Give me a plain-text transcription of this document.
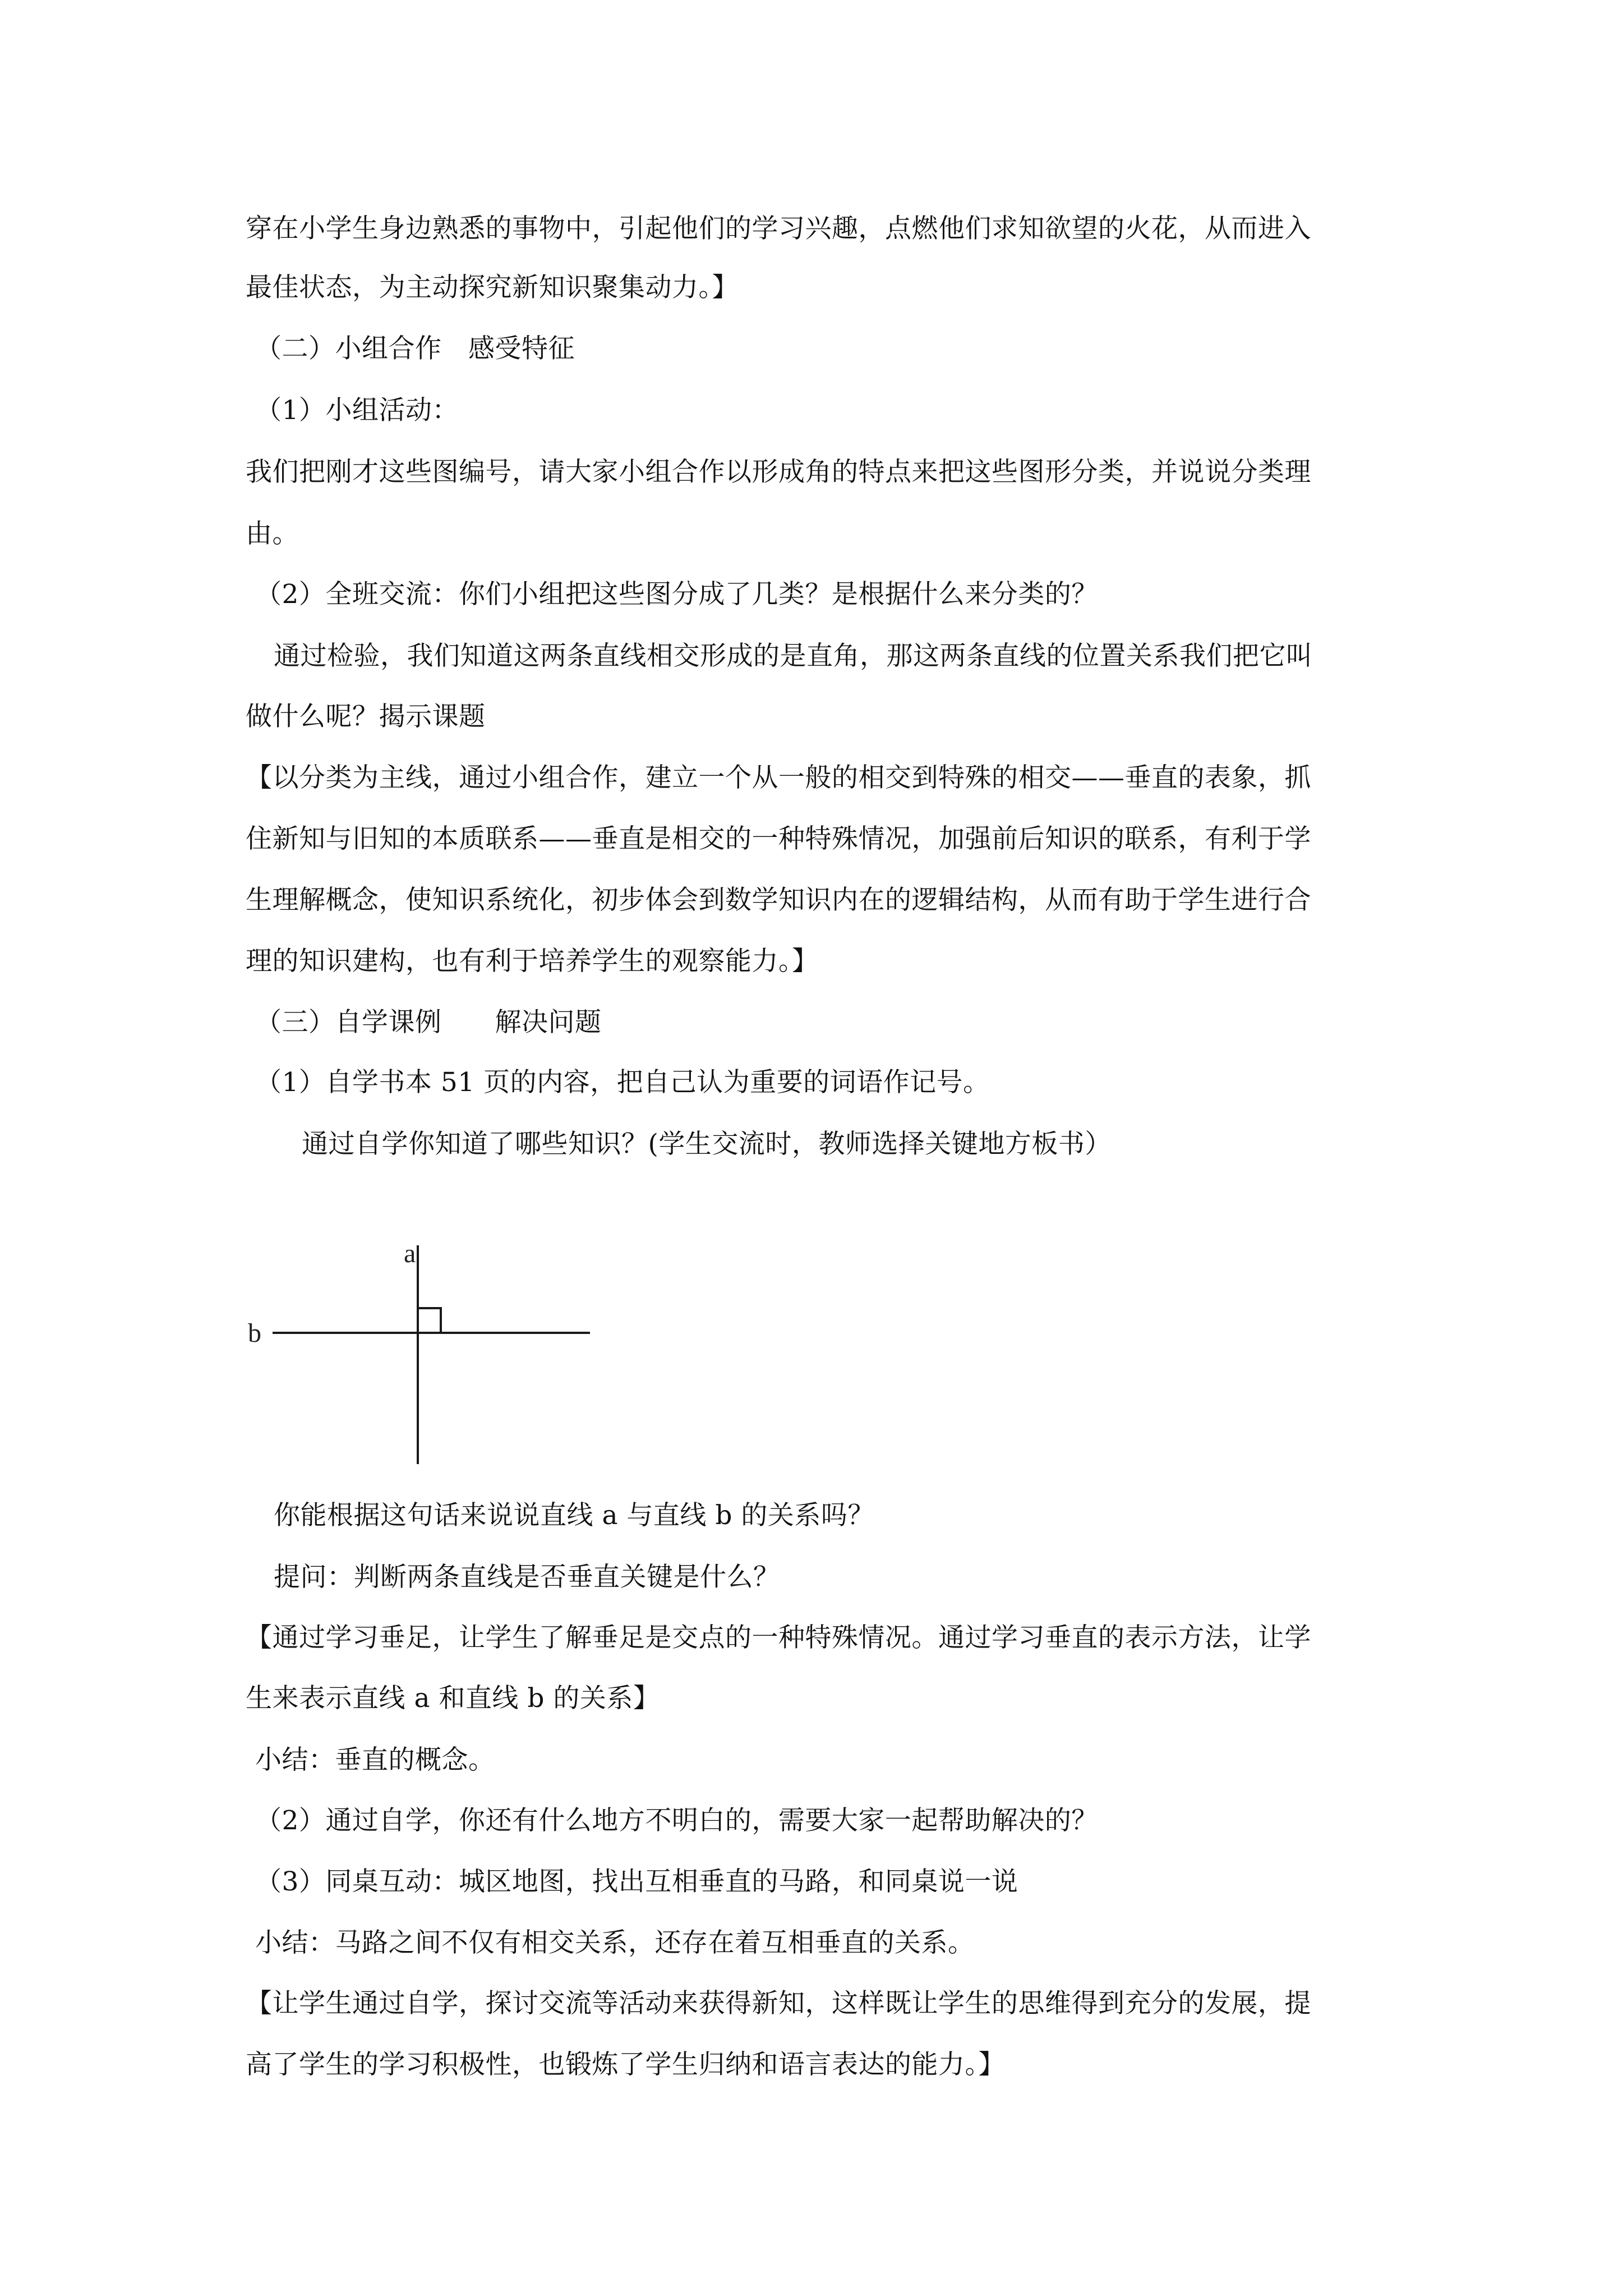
穿在小学生身边熟悉的事物中，引起他们的学习兴趣，点燃他们求知欲望的火花，从而进入
最佳状态，为主动探究新知识聚集动力。】
（二）小组合作　感受特征
（1）小组活动：
我们把刚才这些图编号，请大家小组合作以形成角的特点来把这些图形分类，并说说分类理
由。
（2）全班交流：你们小组把这些图分成了几类？是根据什么来分类的？
通过检验，我们知道这两条直线相交形成的是直角，那这两条直线的位置关系我们把它叫
做什么呢？揭示课题
【以分类为主线，通过小组合作，建立一个从一般的相交到特殊的相交——垂直的表象，抓
住新知与旧知的本质联系——垂直是相交的一种特殊情况，加强前后知识的联系，有利于学
生理解概念，使知识系统化，初步体会到数学知识内在的逻辑结构，从而有助于学生进行合
理的知识建构，也有利于培养学生的观察能力。】
（三）自学课例　　解决问题
（1）自学书本 51 页的内容，把自己认为重要的词语作记号。
通过自学你知道了哪些知识？(学生交流时，教师选择关键地方板书）
a
b
你能根据这句话来说说直线 a 与直线 b 的关系吗？
提问：判断两条直线是否垂直关键是什么？
【通过学习垂足，让学生了解垂足是交点的一种特殊情况。通过学习垂直的表示方法，让学
生来表示直线 a 和直线 b 的关系】
小结：垂直的概念。
（2）通过自学，你还有什么地方不明白的，需要大家一起帮助解决的？
（3）同桌互动：城区地图，找出互相垂直的马路，和同桌说一说
小结：马路之间不仅有相交关系，还存在着互相垂直的关系。
【让学生通过自学，探讨交流等活动来获得新知，这样既让学生的思维得到充分的发展，提
高了学生的学习积极性，也锻炼了学生归纳和语言表达的能力。】
